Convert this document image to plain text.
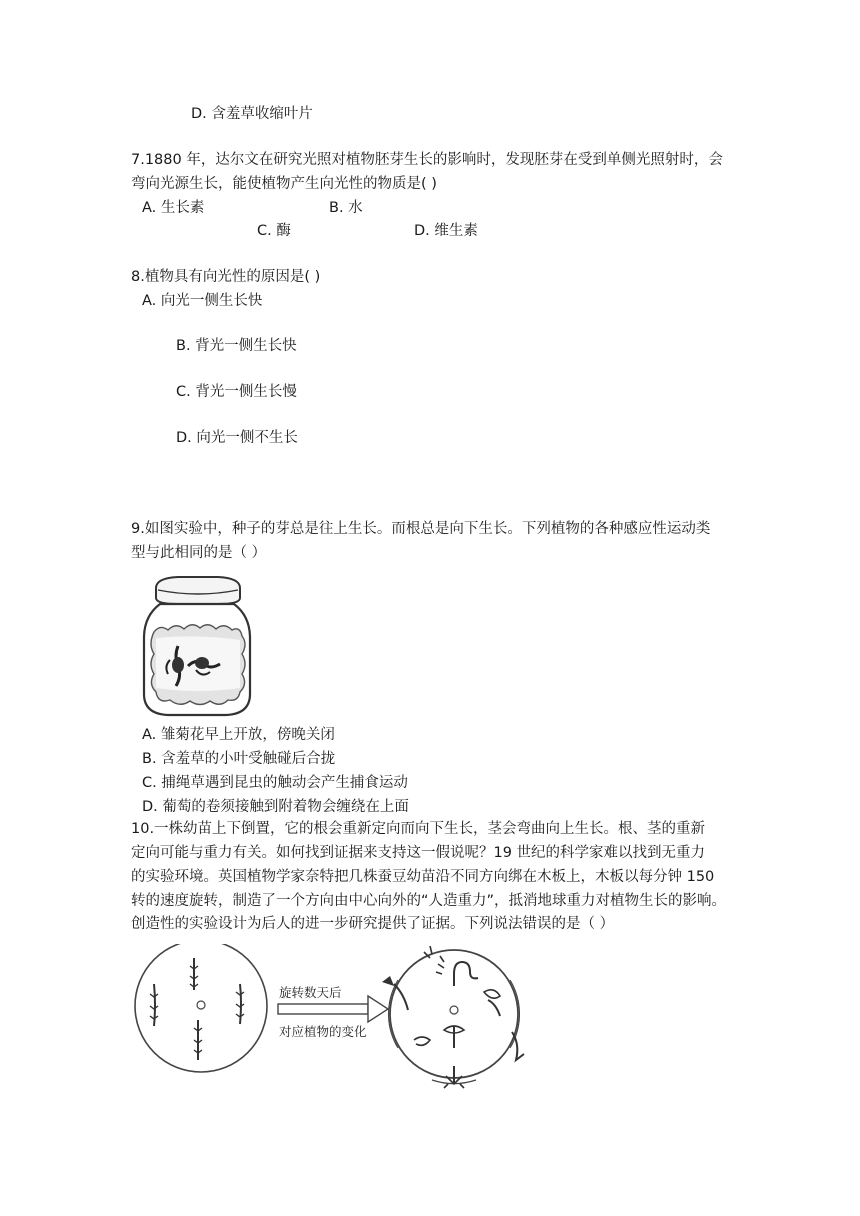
D. 含羞草收缩叶片
7.1880 年，达尔文在研究光照对植物胚芽生长的影响时，发现胚芽在受到单侧光照射时，会
弯向光源生长，能使植物产生向光性的物质是( )
A. 生长素	B. 水
C. 酶	D. 维生素
8.植物具有向光性的原因是( )
A. 向光一侧生长快
B. 背光一侧生长快
C. 背光一侧生长慢
D. 向光一侧不生长
9.如图实验中，种子的芽总是往上生长。而根总是向下生长。下列植物的各种感应性运动类
型与此相同的是（ ）
A. 雏菊花早上开放，傍晚关闭
B. 含羞草的小叶受触碰后合拢
C. 捕绳草遇到昆虫的触动会产生捕食运动
D. 葡萄的卷须接触到附着物会缠绕在上面
10.一株幼苗上下倒置，它的根会重新定向而向下生长，茎会弯曲向上生长。根、茎的重新
定向可能与重力有关。如何找到证据来支持这一假说呢？19 世纪的科学家难以找到无重力
的实验环境。英国植物学家奈特把几株蚕豆幼苗沿不同方向绑在木板上，木板以每分钟 150
转的速度旋转，制造了一个方向由中心向外的“人造重力”，抵消地球重力对植物生长的影响。
创造性的实验设计为后人的进一步研究提供了证据。下列说法错误的是（ ）
旋转数天后
对应植物的变化
